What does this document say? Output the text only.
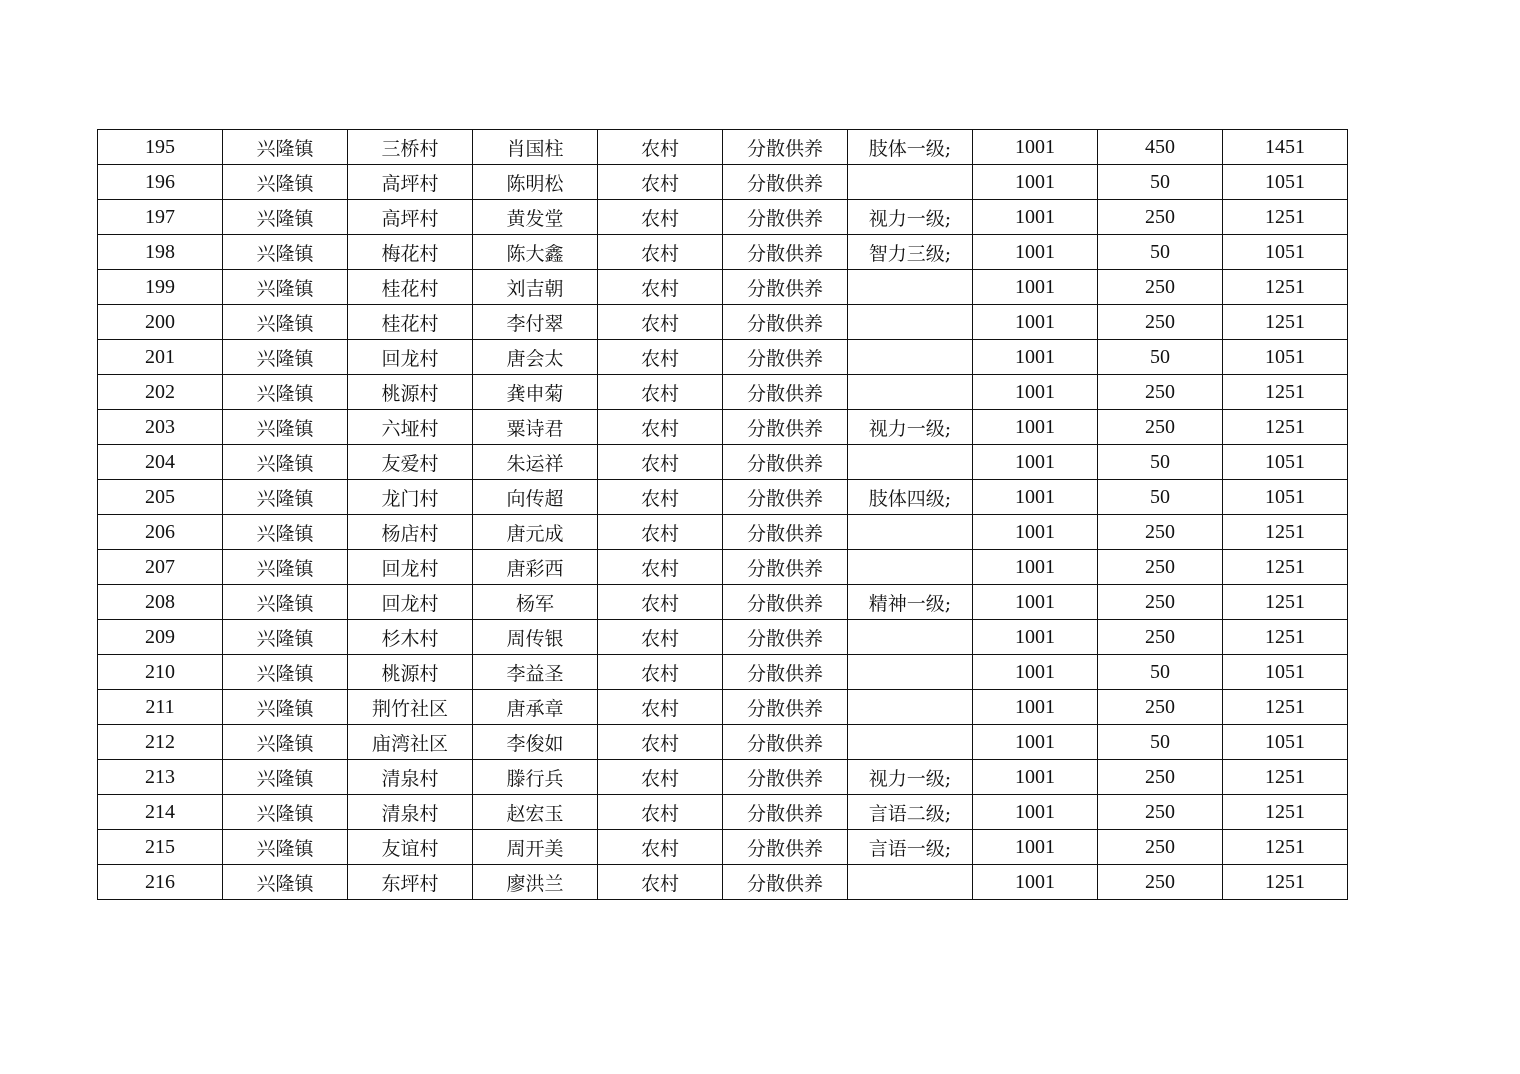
195	兴隆镇	三桥村	肖国柱	农村	分散供养	肢体一级;	1001	450	1451
196	兴隆镇	高坪村	陈明松	农村	分散供养		1001	50	1051
197	兴隆镇	高坪村	黄发堂	农村	分散供养	视力一级;	1001	250	1251
198	兴隆镇	梅花村	陈大鑫	农村	分散供养	智力三级;	1001	50	1051
199	兴隆镇	桂花村	刘吉朝	农村	分散供养		1001	250	1251
200	兴隆镇	桂花村	李付翠	农村	分散供养		1001	250	1251
201	兴隆镇	回龙村	唐会太	农村	分散供养		1001	50	1051
202	兴隆镇	桃源村	龚申菊	农村	分散供养		1001	250	1251
203	兴隆镇	六垭村	粟诗君	农村	分散供养	视力一级;	1001	250	1251
204	兴隆镇	友爱村	朱运祥	农村	分散供养		1001	50	1051
205	兴隆镇	龙门村	向传超	农村	分散供养	肢体四级;	1001	50	1051
206	兴隆镇	杨店村	唐元成	农村	分散供养		1001	250	1251
207	兴隆镇	回龙村	唐彩西	农村	分散供养		1001	250	1251
208	兴隆镇	回龙村	杨军	农村	分散供养	精神一级;	1001	250	1251
209	兴隆镇	杉木村	周传银	农村	分散供养		1001	250	1251
210	兴隆镇	桃源村	李益圣	农村	分散供养		1001	50	1051
211	兴隆镇	荆竹社区	唐承章	农村	分散供养		1001	250	1251
212	兴隆镇	庙湾社区	李俊如	农村	分散供养		1001	50	1051
213	兴隆镇	清泉村	滕行兵	农村	分散供养	视力一级;	1001	250	1251
214	兴隆镇	清泉村	赵宏玉	农村	分散供养	言语二级;	1001	250	1251
215	兴隆镇	友谊村	周开美	农村	分散供养	言语一级;	1001	250	1251
216	兴隆镇	东坪村	廖洪兰	农村	分散供养		1001	250	1251
